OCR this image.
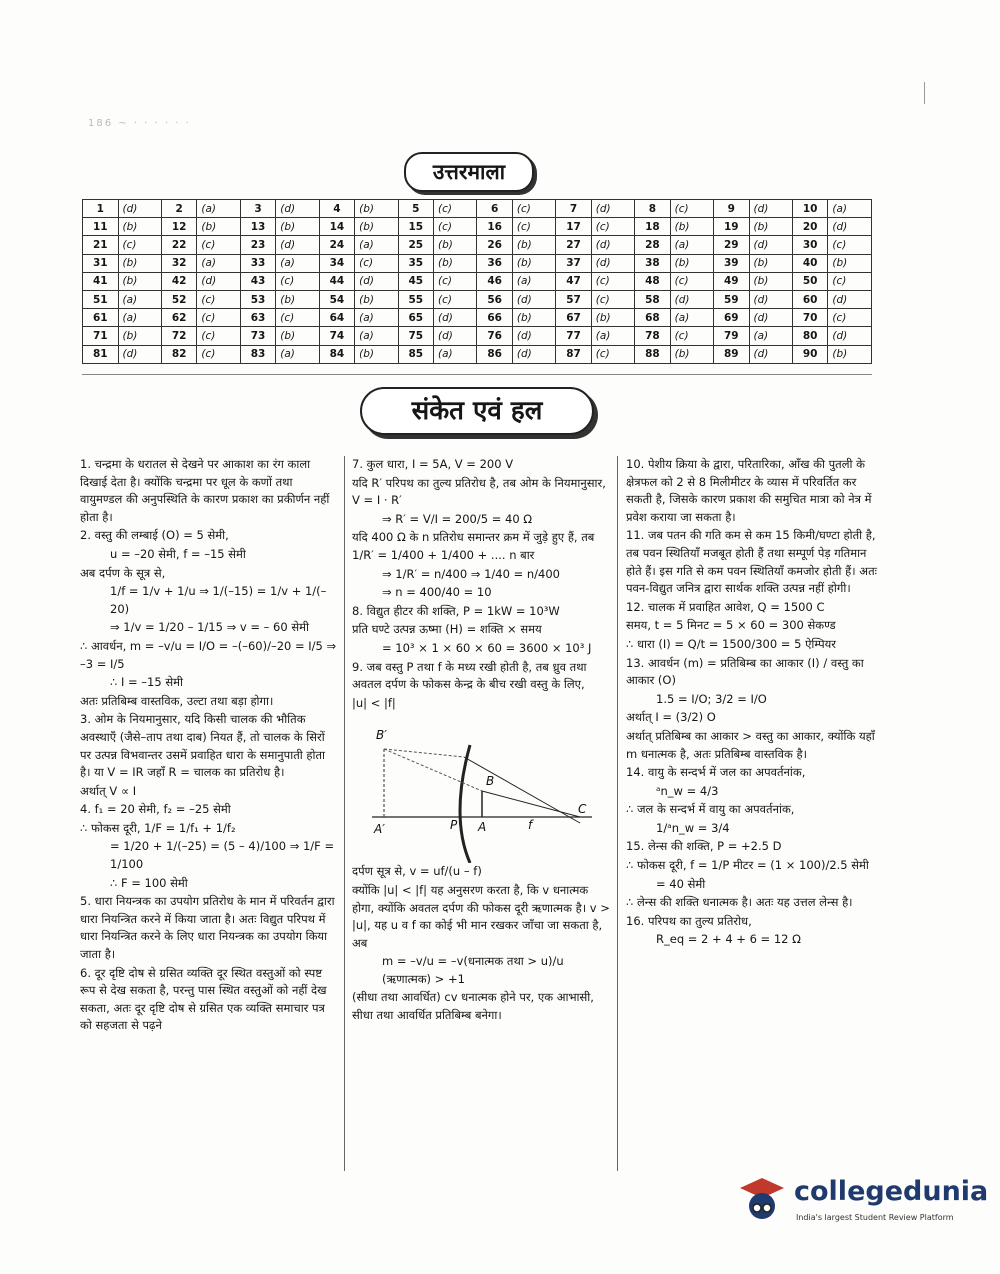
186 ~ · · · · · ·
उत्तरमाला
1	(d)	2	(a)	3	(d)	4	(b)	5	(c)	6	(c)	7	(d)	8	(c)	9	(d)	10	(a)
11	(b)	12	(b)	13	(b)	14	(b)	15	(c)	16	(c)	17	(c)	18	(b)	19	(b)	20	(d)
21	(c)	22	(c)	23	(d)	24	(a)	25	(b)	26	(b)	27	(d)	28	(a)	29	(d)	30	(c)
31	(b)	32	(a)	33	(a)	34	(c)	35	(b)	36	(b)	37	(d)	38	(b)	39	(b)	40	(b)
41	(b)	42	(d)	43	(c)	44	(d)	45	(c)	46	(a)	47	(c)	48	(c)	49	(b)	50	(c)
51	(a)	52	(c)	53	(b)	54	(b)	55	(c)	56	(d)	57	(c)	58	(d)	59	(d)	60	(d)
61	(a)	62	(c)	63	(c)	64	(a)	65	(d)	66	(b)	67	(b)	68	(a)	69	(d)	70	(c)
71	(b)	72	(c)	73	(b)	74	(a)	75	(d)	76	(d)	77	(a)	78	(c)	79	(a)	80	(d)
81	(d)	82	(c)	83	(a)	84	(b)	85	(a)	86	(d)	87	(c)	88	(b)	89	(d)	90	(b)
संकेत एवं हल

1. चन्द्रमा के धरातल से देखने पर आकाश का रंग काला दिखाई देता है। क्योंकि चन्द्रमा पर धूल के कणों तथा वायुमण्डल की अनुपस्थिति के कारण प्रकाश का प्रकीर्णन नहीं होता है।

2. वस्तु की लम्बाई (O) = 5 सेमी,

u = –20 सेमी, f = –15 सेमी

अब दर्पण के सूत्र से,

1/f = 1/v + 1/u ⇒ 1/(–15) = 1/v + 1/(–20)

⇒ 1/v = 1/20 – 1/15 ⇒ v = – 60 सेमी

∴ आवर्धन, m = –v/u = I/O = –(–60)/–20 = I/5 ⇒ –3 = I/5

∴ I = –15 सेमी

अतः प्रतिबिम्ब वास्तविक, उल्टा तथा बड़ा होगा।

3. ओम के नियमानुसार, यदि किसी चालक की भौतिक अवस्थाएँ (जैसे–ताप तथा दाब) नियत हैं, तो चालक के सिरों पर उत्पन्न विभवान्तर उसमें प्रवाहित धारा के समानुपाती होता है। या V = IR जहाँ R = चालक का प्रतिरोध है।

अर्थात् V ∝ I

4. f₁ = 20 सेमी, f₂ = –25 सेमी

∴ फोकस दूरी, 1/F = 1/f₁ + 1/f₂

= 1/20 + 1/(–25) = (5 – 4)/100 ⇒ 1/F = 1/100

∴ F = 100 सेमी

5. धारा नियन्त्रक का उपयोग प्रतिरोध के मान में परिवर्तन द्वारा धारा नियन्त्रित करने में किया जाता है। अतः विद्युत परिपथ में धारा नियन्त्रित करने के लिए धारा नियन्त्रक का उपयोग किया जाता है।

6. दूर दृष्टि दोष से ग्रसित व्यक्ति दूर स्थित वस्तुओं को स्पष्ट रूप से देख सकता है, परन्तु पास स्थित वस्तुओं को नहीं देख सकता, अतः दूर दृष्टि दोष से ग्रसित एक व्यक्ति समाचार पत्र को सहजता से पढ़ने

7. कुल धारा, I = 5A, V = 200 V

यदि R′ परिपथ का तुल्य प्रतिरोध है, तब ओम के नियमानुसार, V = I · R′

⇒ R′ = V/I = 200/5 = 40 Ω

यदि 400 Ω के n प्रतिरोध समान्तर क्रम में जुड़े हुए हैं, तब 1/R′ = 1/400 + 1/400 + .... n बार

⇒ 1/R′ = n/400 ⇒ 1/40 = n/400

⇒ n = 400/40 = 10

8. विद्युत हीटर की शक्ति, P = 1kW = 10³W

प्रति घण्टे उत्पन्न ऊष्मा (H) = शक्ति × समय

= 10³ × 1 × 60 × 60 = 3600 × 10³ J

9. जब वस्तु P तथा f के मध्य रखी होती है, तब ध्रुव तथा अवतल दर्पण के फोकस केन्द्र के बीच रखी वस्तु के लिए,

|u| < |f|

B′
B
A′	P A	f
C

दर्पण सूत्र से, v = uf/(u – f)

क्योंकि |u| < |f| यह अनुसरण करता है, कि v धनात्मक होगा, क्योंकि अवतल दर्पण की फोकस दूरी ऋणात्मक है। v > |u|, यह u व f का कोई भी मान रखकर जाँचा जा सकता है, अब

m = –v/u = –v(धनात्मक तथा > u)/u (ऋणात्मक) > +1

(सीधा तथा आवर्धित) cv धनात्मक होने पर, एक आभासी, सीधा तथा आवर्धित प्रतिबिम्ब बनेगा।

10. पेशीय क्रिया के द्वारा, परितारिका, आँख की पुतली के क्षेत्रफल को 2 से 8 मिलीमीटर के व्यास में परिवर्तित कर सकती है, जिसके कारण प्रकाश की समुचित मात्रा को नेत्र में प्रवेश कराया जा सकता है।

11. जब पतन की गति कम से कम 15 किमी/घण्टा होती है, तब पवन स्थितियाँ मजबूत होती हैं तथा सम्पूर्ण पेड़ गतिमान होते हैं। इस गति से कम पवन स्थितियाँ कमजोर होती हैं। अतः पवन-विद्युत जनित्र द्वारा सार्थक शक्ति उत्पन्न नहीं होगी।

12. चालक में प्रवाहित आवेश, Q = 1500 C

समय, t = 5 मिनट = 5 × 60 = 300 सेकण्ड

∴ धारा (I) = Q/t = 1500/300 = 5 ऐम्पियर

13. आवर्धन (m) = प्रतिबिम्ब का आकार (I) / वस्तु का आकार (O)

1.5 = I/O; 3/2 = I/O

अर्थात् I = (3/2) O

अर्थात् प्रतिबिम्ब का आकार > वस्तु का आकार, क्योंकि यहाँ m धनात्मक है, अतः प्रतिबिम्ब वास्तविक है।

14. वायु के सन्दर्भ में जल का अपवर्तनांक,

ᵃn_w = 4/3

∴ जल के सन्दर्भ में वायु का अपवर्तनांक,

1/ᵃn_w = 3/4

15. लेन्स की शक्ति, P = +2.5 D

∴ फोकस दूरी, f = 1/P मीटर = (1 × 100)/2.5 सेमी

= 40 सेमी

∴ लेन्स की शक्ति धनात्मक है। अतः यह उत्तल लेन्स है।

16. परिपथ का तुल्य प्रतिरोध,

R_eq = 2 + 4 + 6 = 12 Ω

collegedunia
India's largest Student Review Platform
